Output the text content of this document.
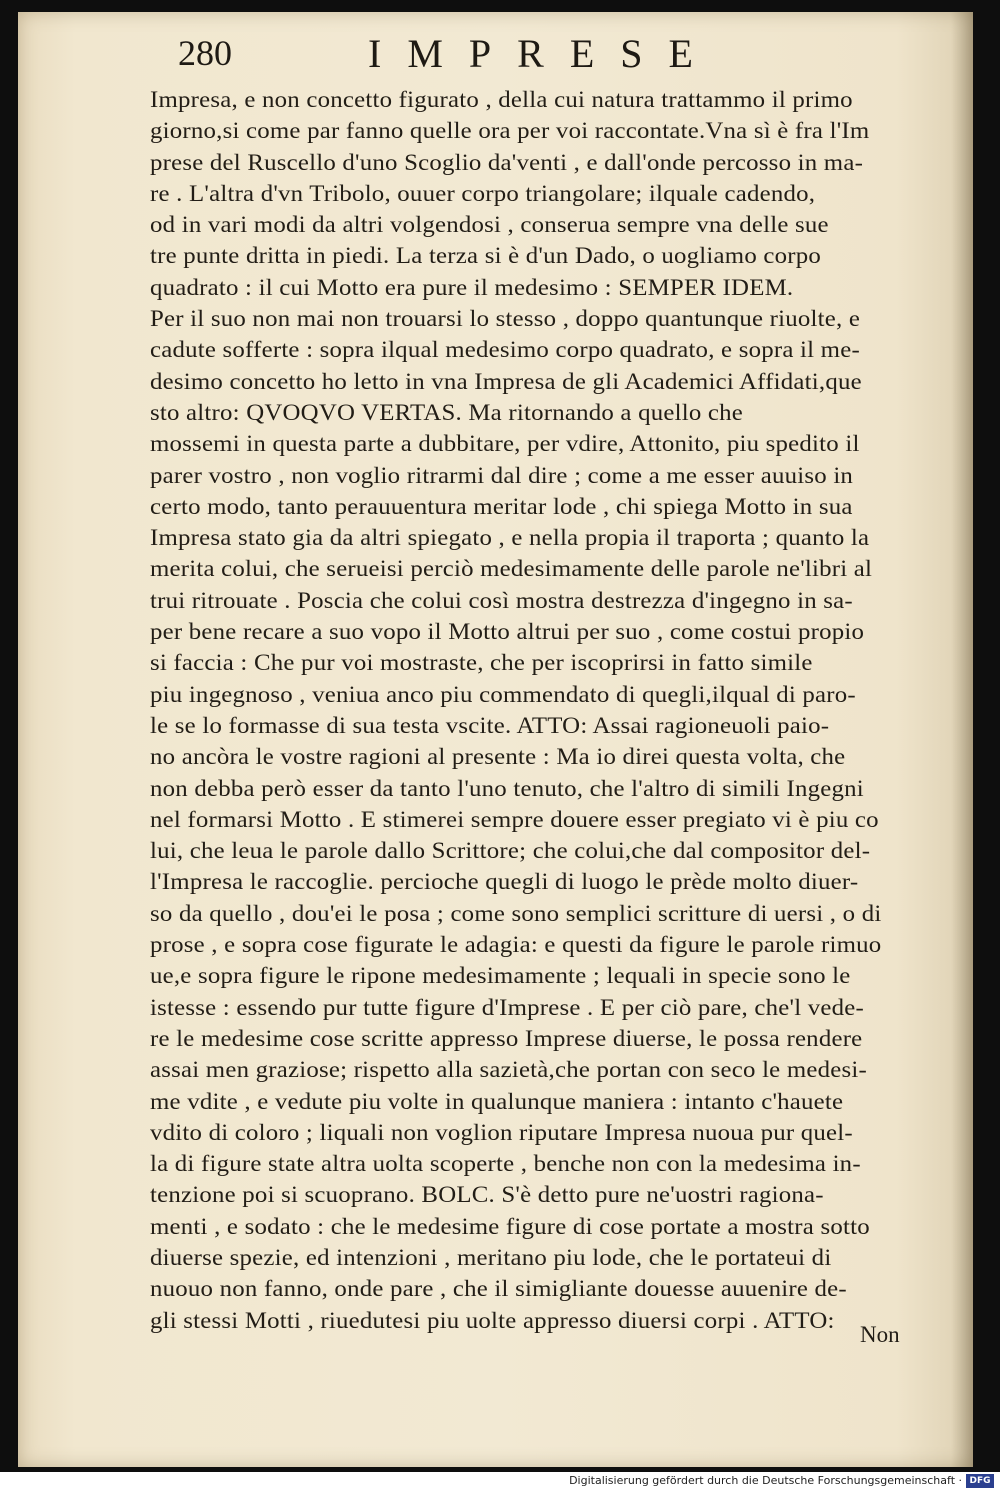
280	IMPRESE
Impresa, e non concetto figurato , della cui natura trattammo il primo
giorno,si come par fanno quelle ora per voi raccontate.Vna sì è fra l'Im
prese del Ruscello d'uno Scoglio da'venti , e dall'onde percosso in ma-
re . L'altra d'vn Tribolo, ouuer corpo triangolare; ilquale cadendo,
od in vari modi da altri volgendosi , conserua sempre vna delle sue
tre punte dritta in piedi. La terza si è d'un Dado, o uogliamo corpo
quadrato : il cui Motto era pure il medesimo : SEMPER IDEM.
Per il suo non mai non trouarsi lo stesso , doppo quantunque riuolte, e
cadute sofferte : sopra ilqual medesimo corpo quadrato, e sopra il me-
desimo concetto ho letto in vna Impresa de gli Academici Affidati,que
sto altro: QVOQVO VERTAS. Ma ritornando a quello che
mossemi in questa parte a dubbitare, per vdire, Attonito, piu spedito il
parer vostro , non voglio ritrarmi dal dire ; come a me esser auuiso in
certo modo, tanto perauuentura meritar lode , chi spiega Motto in sua
Impresa stato gia da altri spiegato , e nella propia il traporta ; quanto la
merita colui, che serueisi perciò medesimamente delle parole ne'libri al
trui ritrouate . Poscia che colui così mostra destrezza d'ingegno in sa-
per bene recare a suo vopo il Motto altrui per suo , come costui propio
si faccia : Che pur voi mostraste, che per iscoprirsi in fatto simile
piu ingegnoso , veniua anco piu commendato di quegli,ilqual di paro-
le se lo formasse di sua testa vscite. ATTO: Assai ragioneuoli paio-
no ancòra le vostre ragioni al presente : Ma io direi questa volta, che
non debba però esser da tanto l'uno tenuto, che l'altro di simili Ingegni
nel formarsi Motto . E stimerei sempre douere esser pregiato vi è piu co
lui, che leua le parole dallo Scrittore; che colui,che dal compositor del-
l'Impresa le raccoglie. percioche quegli di luogo le prède molto diuer-
so da quello , dou'ei le posa ; come sono semplici scritture di uersi , o di
prose , e sopra cose figurate le adagia: e questi da figure le parole rimuo
ue,e sopra figure le ripone medesimamente ; lequali in specie sono le
istesse : essendo pur tutte figure d'Imprese . E per ciò pare, che'l vede-
re le medesime cose scritte appresso Imprese diuerse, le possa rendere
assai men graziose; rispetto alla sazietà,che portan con seco le medesi-
me vdite , e vedute piu volte in qualunque maniera : intanto c'hauete
vdito di coloro ; liquali non voglion riputare Impresa nuoua pur quel-
la di figure state altra uolta scoperte , benche non con la medesima in-
tenzione poi si scuoprano. BOLC. S'è detto pure ne'uostri ragiona-
menti , e sodato : che le medesime figure di cose portate a mostra sotto
diuerse spezie, ed intenzioni , meritano piu lode, che le portateui di
nuouo non fanno, onde pare , che il simigliante douesse auuenire de-
gli stessi Motti , riuedutesi piu uolte appresso diuersi corpi . ATTO:
Non
Digitalisierung gefördert durch die Deutsche Forschungsgemeinschaft · DFG
